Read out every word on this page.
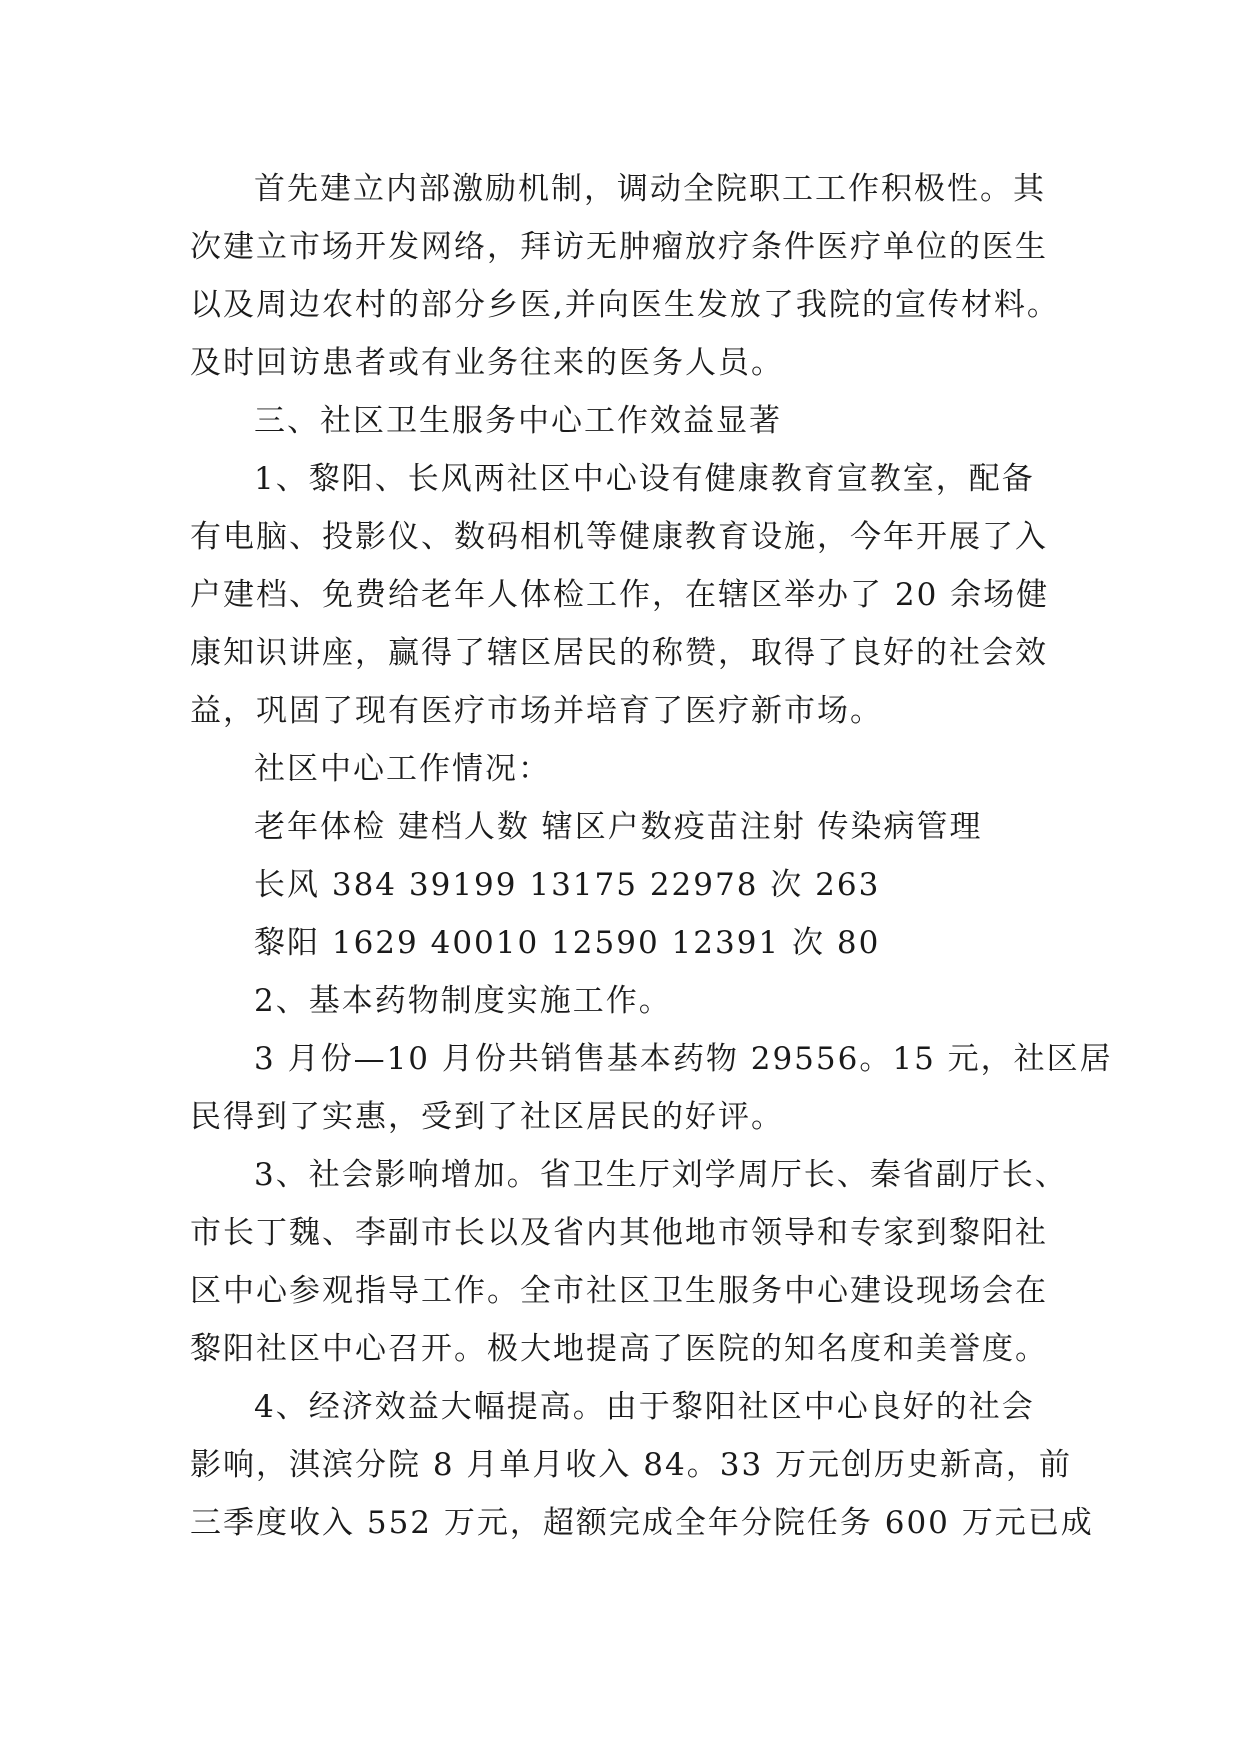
首先建立内部激励机制，调动全院职工工作积极性。其
次建立市场开发网络，拜访无肿瘤放疗条件医疗单位的医生
以及周边农村的部分乡医,并向医生发放了我院的宣传材料。
及时回访患者或有业务往来的医务人员。
三、社区卫生服务中心工作效益显著
1、黎阳、长风两社区中心设有健康教育宣教室，配备
有电脑、投影仪、数码相机等健康教育设施，今年开展了入
户建档、免费给老年人体检工作，在辖区举办了 20 余场健
康知识讲座，赢得了辖区居民的称赞，取得了良好的社会效
益，巩固了现有医疗市场并培育了医疗新市场。
社区中心工作情况：
老年体检 建档人数 辖区户数疫苗注射 传染病管理
长风 384 39199 13175 22978 次 263
黎阳 1629 40010 12590 12391 次 80
2、基本药物制度实施工作。
3 月份—10 月份共销售基本药物 29556。15 元，社区居
民得到了实惠，受到了社区居民的好评。
3、社会影响增加。省卫生厅刘学周厅长、秦省副厅长、
市长丁魏、李副市长以及省内其他地市领导和专家到黎阳社
区中心参观指导工作。全市社区卫生服务中心建设现场会在
黎阳社区中心召开。极大地提高了医院的知名度和美誉度。
4、经济效益大幅提高。由于黎阳社区中心良好的社会
影响，淇滨分院 8 月单月收入 84。33 万元创历史新高，前
三季度收入 552 万元，超额完成全年分院任务 600 万元已成
